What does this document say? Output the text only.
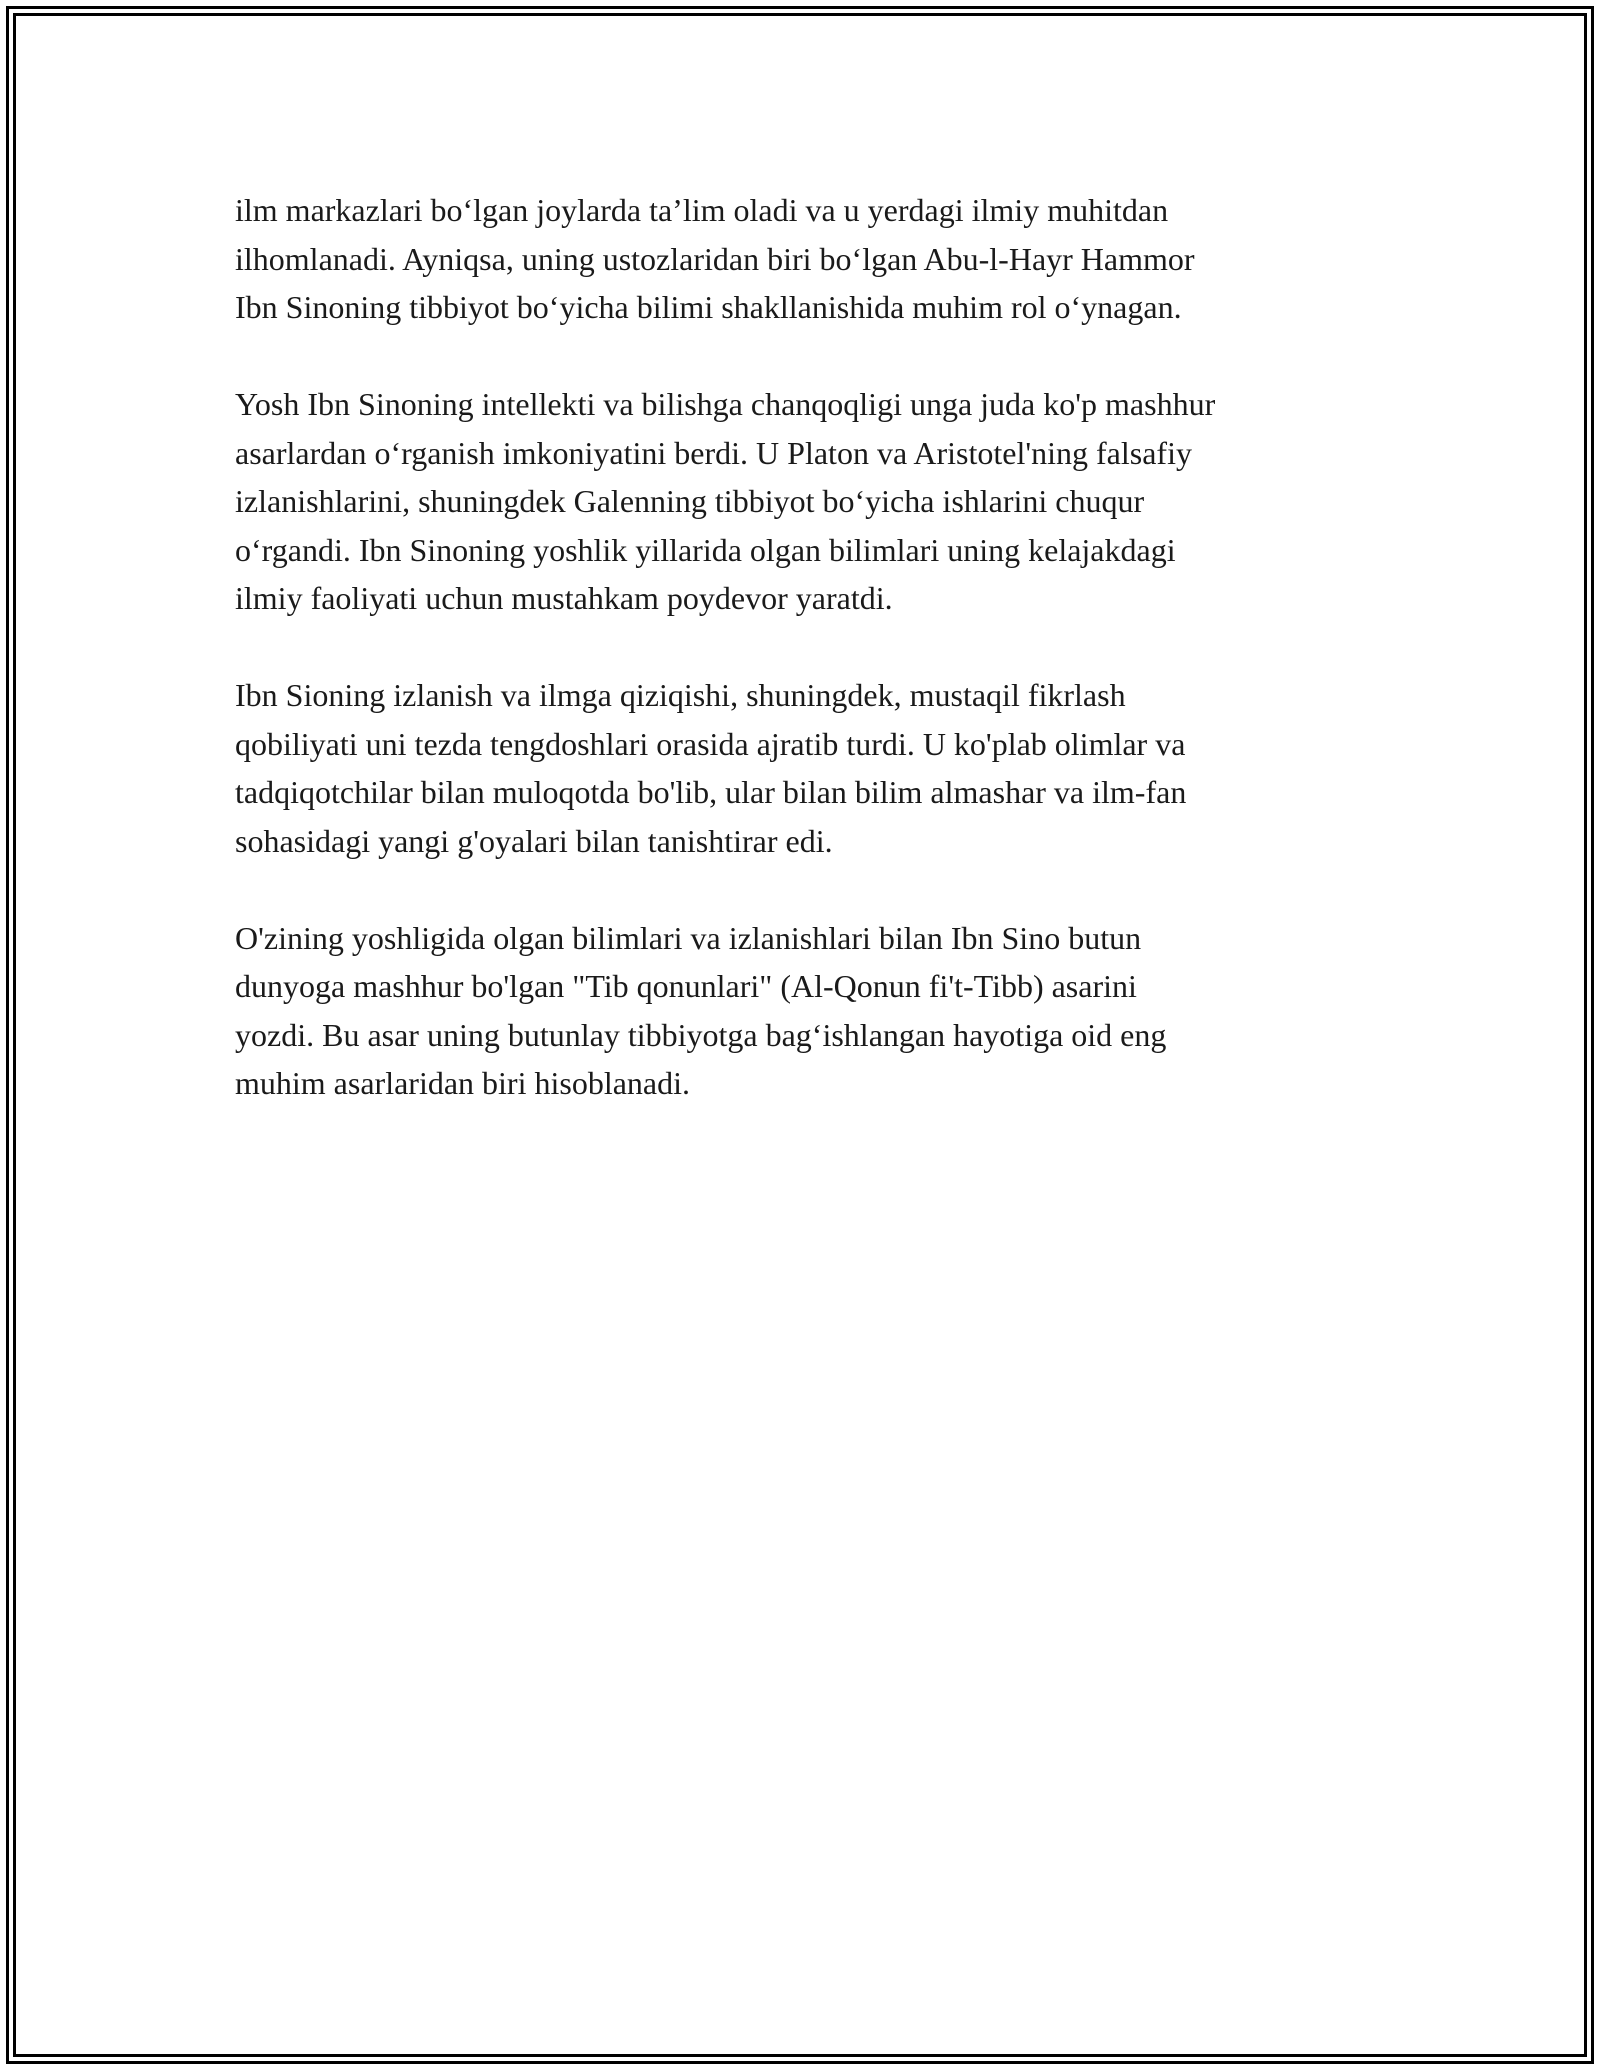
ilm markazlari bo‘lgan joylarda ta’lim oladi va u yerdagi ilmiy muhitdan
ilhomlanadi. Ayniqsa, uning ustozlaridan biri bo‘lgan Abu-l-Hayr Hammor
Ibn Sinoning tibbiyot bo‘yicha bilimi shakllanishida muhim rol o‘ynagan.

Yosh Ibn Sinoning intellekti va bilishga chanqoqligi unga juda ko'p mashhur
asarlardan o‘rganish imkoniyatini berdi. U Platon va Aristotel'ning falsafiy
izlanishlarini, shuningdek Galenning tibbiyot bo‘yicha ishlarini chuqur
o‘rgandi. Ibn Sinoning yoshlik yillarida olgan bilimlari uning kelajakdagi
ilmiy faoliyati uchun mustahkam poydevor yaratdi.

Ibn Sioning izlanish va ilmga qiziqishi, shuningdek, mustaqil fikrlash
qobiliyati uni tezda tengdoshlari orasida ajratib turdi. U ko'plab olimlar va
tadqiqotchilar bilan muloqotda bo'lib, ular bilan bilim almashar va ilm-fan
sohasidagi yangi g'oyalari bilan tanishtirar edi.

O'zining yoshligida olgan bilimlari va izlanishlari bilan Ibn Sino butun
dunyoga mashhur bo'lgan "Tib qonunlari" (Al-Qonun fi't-Tibb) asarini
yozdi. Bu asar uning butunlay tibbiyotga bag‘ishlangan hayotiga oid eng
muhim asarlaridan biri hisoblanadi.
